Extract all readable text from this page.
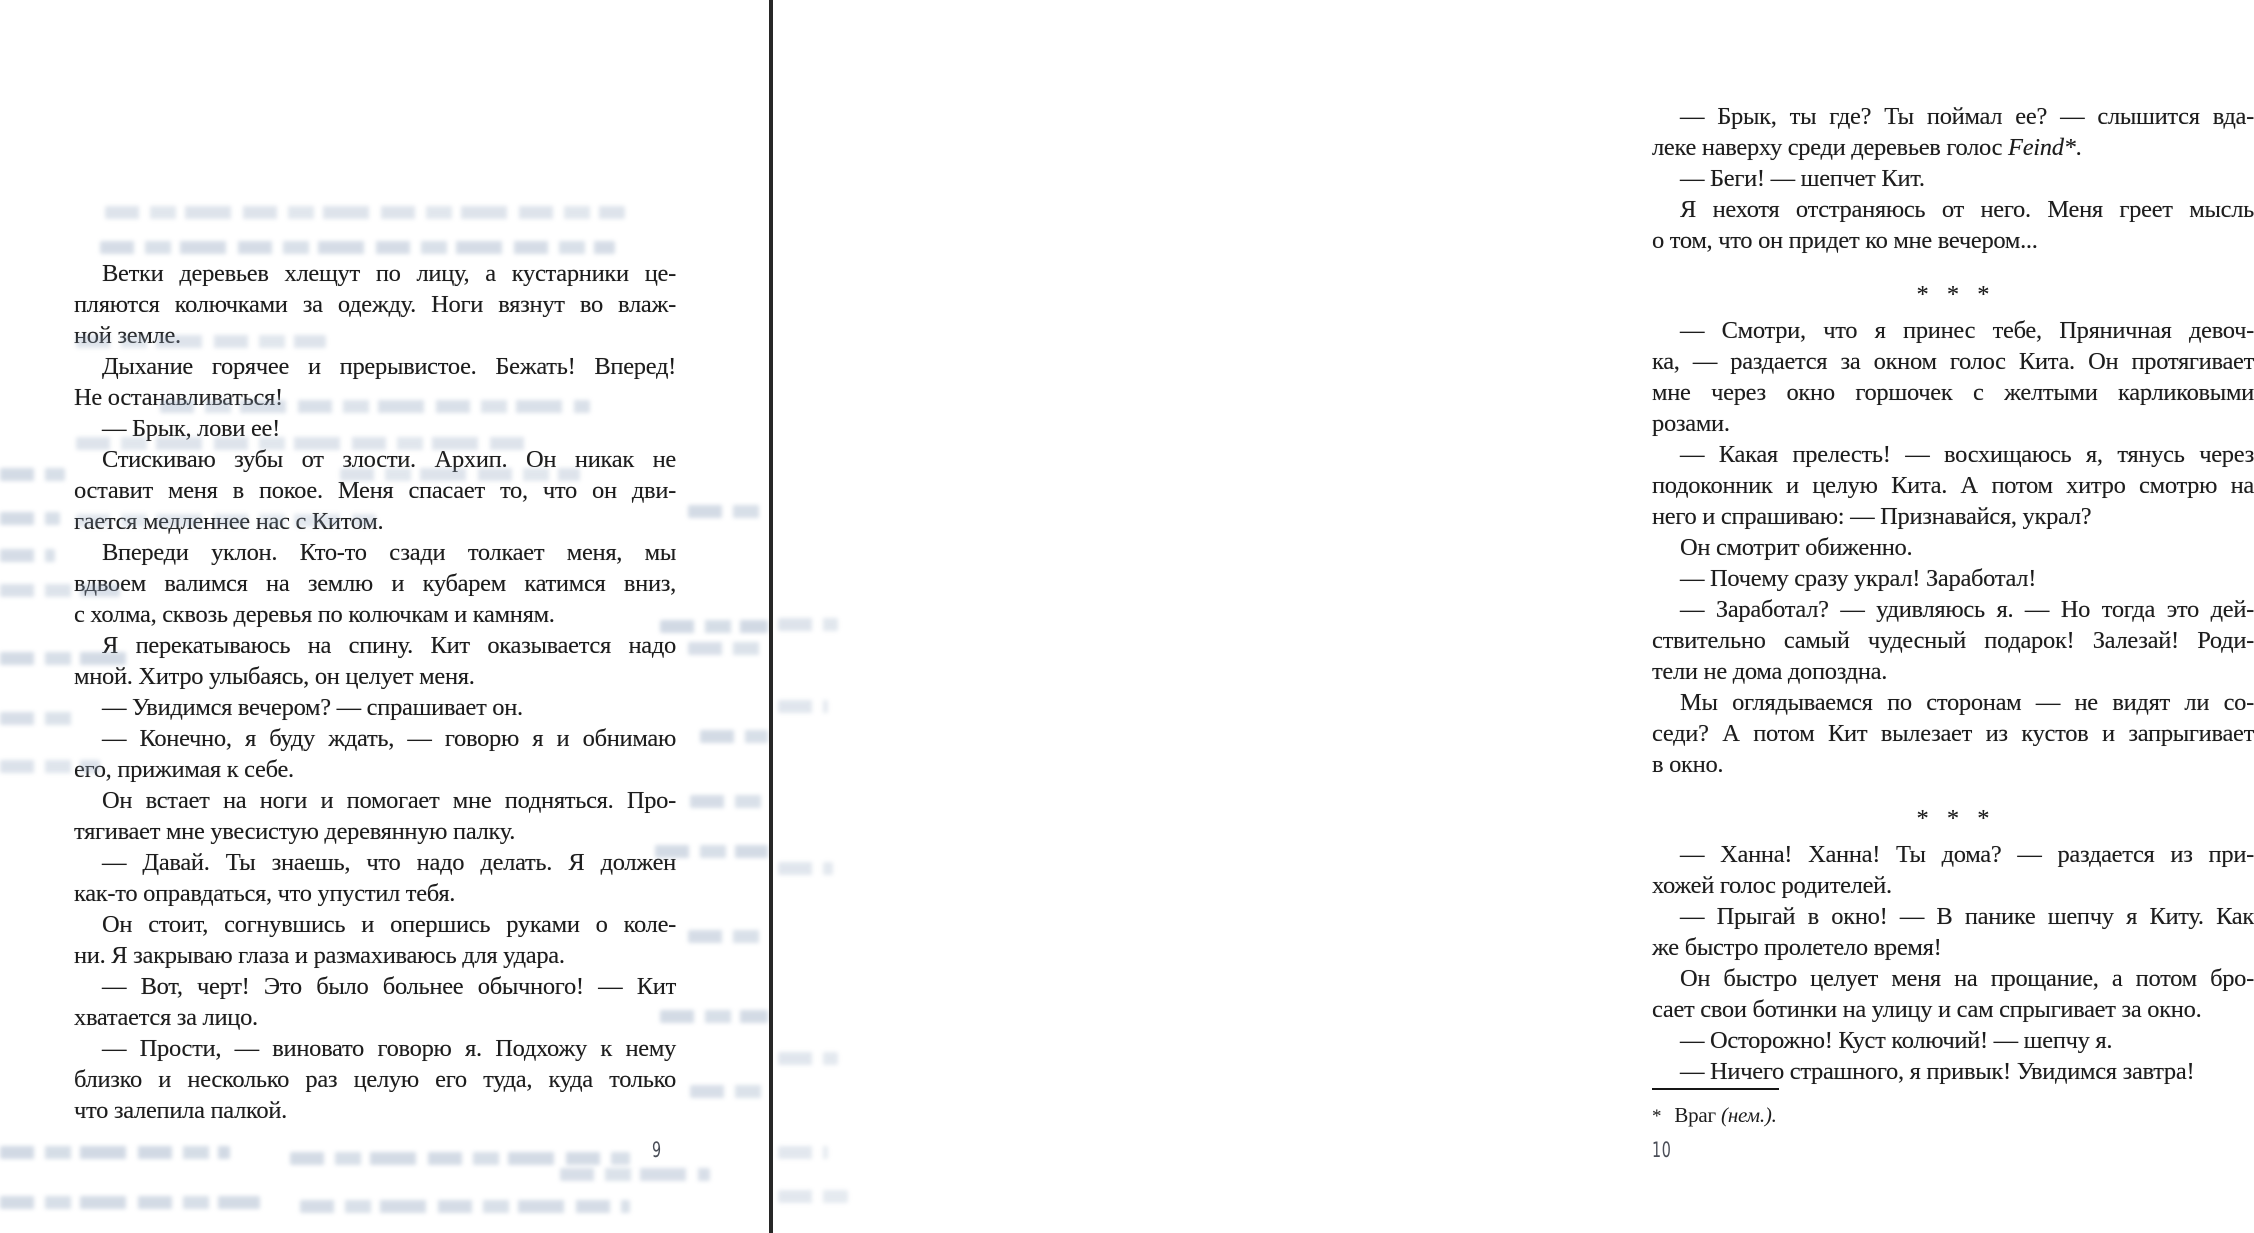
Ветки деревьев хлещут по лицу, а кустарники це-
пляются колючками за одежду. Ноги вязнут во влаж-
ной земле.
Дыхание горячее и прерывистое. Бежать! Вперед!
Не останавливаться!
— Брык, лови ее!
Стискиваю зубы от злости. Архип. Он никак не
оставит меня в покое. Меня спасает то, что он дви-
гается медленнее нас с Китом.
Впереди уклон. Кто-то сзади толкает меня, мы
вдвоем валимся на землю и кубарем катимся вниз,
с холма, сквозь деревья по колючкам и камням.
Я перекатываюсь на спину. Кит оказывается надо
мной. Хитро улыбаясь, он целует меня.
— Увидимся вечером? — спрашивает он.
— Конечно, я буду ждать, — говорю я и обнимаю
его, прижимая к себе.
Он встает на ноги и помогает мне подняться. Про-
тягивает мне увесистую деревянную палку.
— Давай. Ты знаешь, что надо делать. Я должен
как-то оправдаться, что упустил тебя.
Он стоит, согнувшись и опершись руками о коле-
ни. Я закрываю глаза и размахиваюсь для удара.
— Вот, черт! Это было больнее обычного! — Кит
хватается за лицо.
— Прости, — виновато говорю я. Подхожу к нему
близко и несколько раз целую его туда, куда только
что залепила палкой.
9
— Брык, ты где? Ты поймал ее? — слышится вда-
леке наверху среди деревьев голос Feind*.
— Беги! — шепчет Кит.
Я нехотя отстраняюсь от него. Меня греет мысль
о том, что он придет ко мне вечером...
* * *
— Смотри, что я принес тебе, Пряничная девоч-
ка, — раздается за окном голос Кита. Он протягивает
мне через окно горшочек с желтыми карликовыми
розами.
— Какая прелесть! — восхищаюсь я, тянусь через
подоконник и целую Кита. А потом хитро смотрю на
него и спрашиваю: — Признавайся, украл?
Он смотрит обиженно.
— Почему сразу украл! Заработал!
— Заработал? — удивляюсь я. — Но тогда это дей-
ствительно самый чудесный подарок! Залезай! Роди-
тели не дома допоздна.
Мы оглядываемся по сторонам — не видят ли со-
седи? А потом Кит вылезает из кустов и запрыгивает
в окно.
* * *
— Ханна! Ханна! Ты дома? — раздается из при-
хожей голос родителей.
— Прыгай в окно! — В панике шепчу я Киту. Как
же быстро пролетело время!
Он быстро целует меня на прощание, а потом бро-
сает свои ботинки на улицу и сам спрыгивает за окно.
— Осторожно! Куст колючий! — шепчу я.
— Ничего страшного, я привык! Увидимся завтра!
* Враг (нем.).
10
